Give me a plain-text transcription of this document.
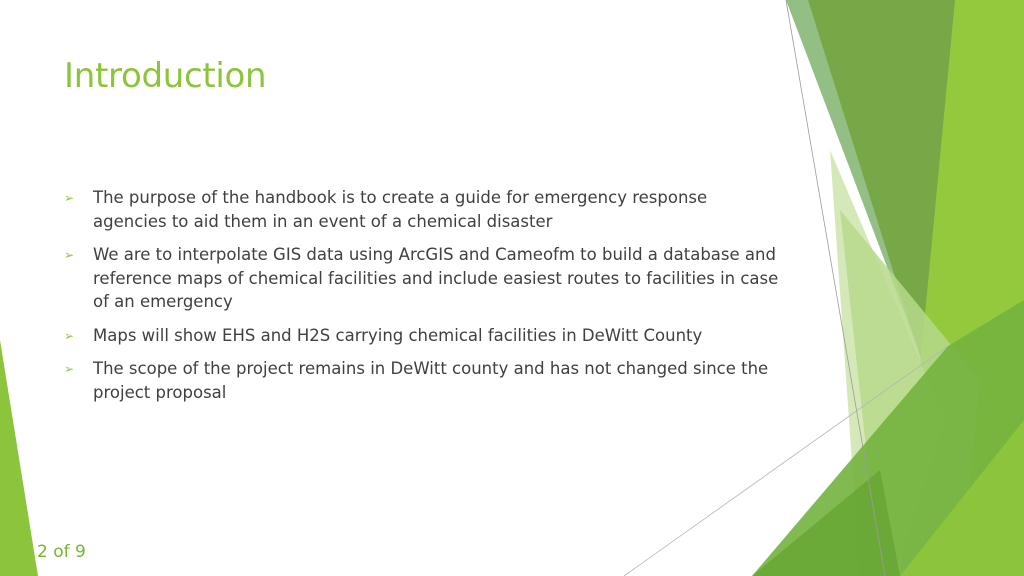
Introduction
➢ The purpose of the handbook is to create a guide for emergency response agencies to aid them in an event of a chemical disaster
➢ We are to interpolate GIS data using ArcGIS and Cameofm to build a database and reference maps of chemical facilities and include easiest routes to facilities in case of an emergency
➢ Maps will show EHS and H2S carrying chemical facilities in DeWitt County
➢ The scope of the project remains in DeWitt county and has not changed since the project proposal
2 of 9
